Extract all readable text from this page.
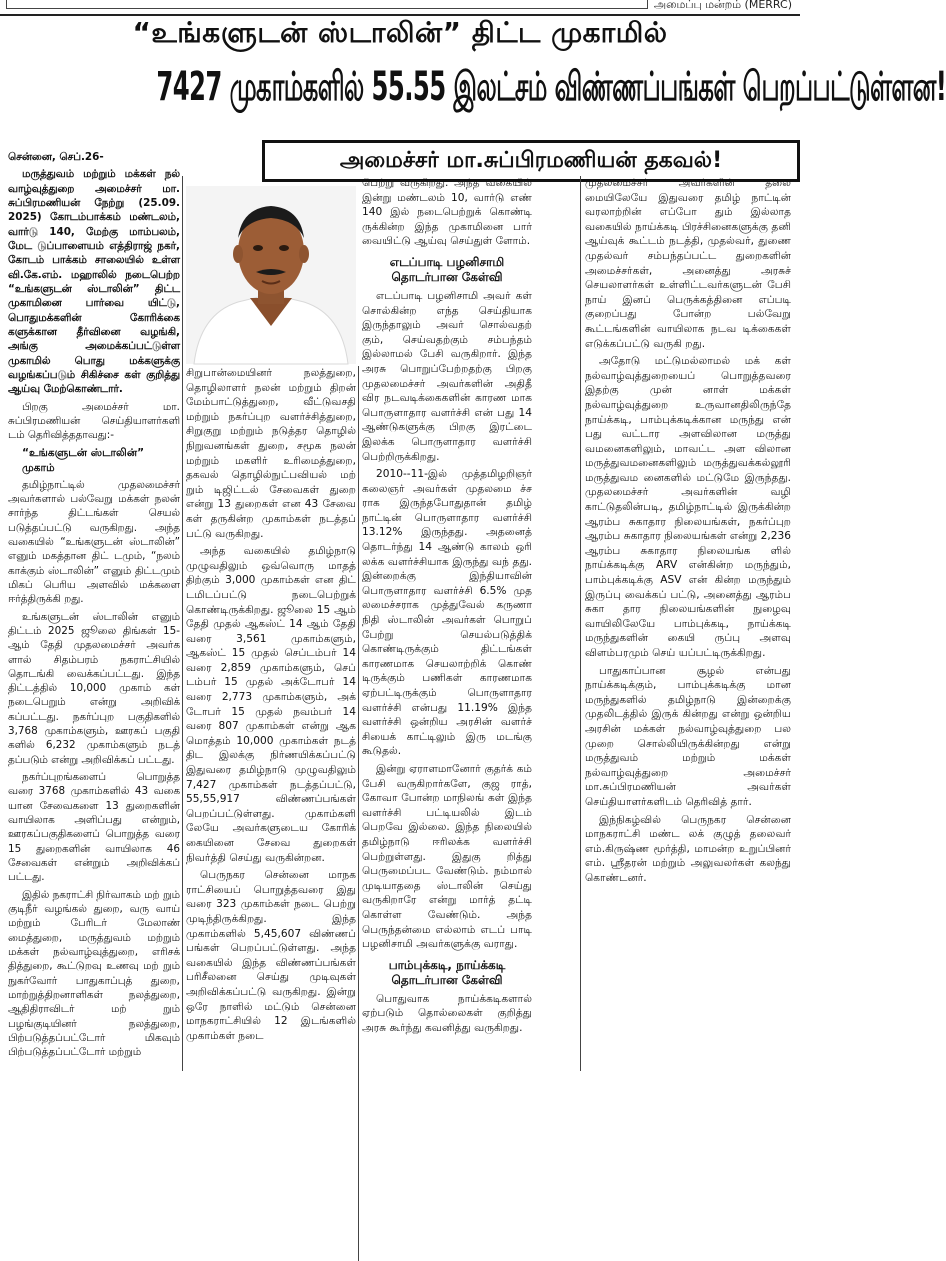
அமைப்பு மன்றம் (MERRC)
“உங்களுடன் ஸ்டாலின்” திட்ட முகாமில்
7427 முகாம்களில் 55.55 இலட்சம் விண்ணப்பங்கள் பெறப்பட்டுள்ளன!
அமைச்சர் மா.சுப்பிரமணியன் தகவல்!

சென்னை, செப்.26-

மருத்துவம் மற்றும் மக்கள் நல் வாழ்வுத்துறை அமைச்சர் மா. சுப்பிரமணியன் நேற்று (25.09. 2025) கோடம்பாக்கம் மண்டலம், வார்டு 140, மேற்கு மாம்பலம், மேட டுப்பாளையம் எத்திராஜ் நகர், கோடம் பாக்கம் சாலையில் உள்ள வி.கே.எம். மஹாலில் நடைபெற்ற “உங்களுடன் ஸ்டாலின்” திட்ட முகாமினை பார்வை யிட்டு, பொதுமக்களின் கோரிக்கை களுக்கான தீர்வினை வழங்கி, அங்கு அமைக்கப்பட்டுள்ள முகாமில் பொது மக்களுக்கு வழங்கப்படும் சிகிச்சை கள் குறித்து ஆய்வு மேற்கொண்டார்.

பிறகு அமைச்சர் மா. சுப்பிரமணியன் செய்தியாளர்களி டம் தெரிவித்ததாவது:-

“உங்களுடன் ஸ்டாலின்” முகாம்

தமிழ்நாட்டில் முதலமைச்சர் அவர்களால் பல்வேறு மக்கள் நலன் சார்ந்த திட்டங்கள் செயல் படுத்தப்பட்டு வருகிறது. அந்த வகையில் “உங்களுடன் ஸ்டாலின்” எனும் மகத்தான திட் டமும், “நலம் காக்கும் ஸ்டாலின்” எனும் திட்டமும் மிகப் பெரிய அளவில் மக்களை ஈர்த்திருக்கி றது.

உங்களுடன் ஸ்டாலின் எனும் திட்டம் 2025 ஜூலை திங்கள் 15- ஆம் தேதி முதலமைச்சர் அவர்க ளால் சிதம்பரம் நகராட்சியில் தொடங்கி வைக்கப்பட்டது. இந்த திட்டத்தில் 10,000 முகாம் கள் நடைபெறும் என்று அறிவிக் கப்பட்டது. நகர்ப்புற பகுதிகளில் 3,768 முகாம்களும், ஊரகப் பகுதி களில் 6,232 முகாம்களும் நடத் தப்படும் என்று அறிவிக்கப் பட்டது.

நகர்ப்புறங்களைப் பொறுத்த வரை 3768 முகாம்களில் 43 வகை யான சேவைகளை 13 துறைகளின் வாயிலாக அளிப்பது என்றும், ஊரகப்பகுதிகளைப் பொறுத்த வரை 15 துறைகளின் வாயிலாக 46 சேவைகள் என்றும் அறிவிக்கப் பட்டது.

இதில் நகராட்சி நிர்வாகம் மற் றும் குடிநீர் வழங்கல் துறை, வரு வாய் மற்றும் பேரிடர் மேலாண் மைத்துறை, மருத்துவம் மற்றும் மக்கள் நல்வாழ்வுத்துறை, எரிசக் தித்துறை, கூட்டுறவு உணவு மற் றும் நுகர்வோர் பாதுகாப்புத் துறை, மாற்றுத்திறனாளிகள் நலத்துறை, ஆதிதிராவிடர் மற் றும் பழங்குடியினர் நலத்துறை, பிற்படுத்தப்பட்டோர் மிகவும் பிற்படுத்தப்பட்டோர் மற்றும்

சிறுபான்மையினர் நலத்துறை, தொழிலாளர் நலன் மற்றும் திறன் மேம்பாட்டுத்துறை, வீட்டுவசதி மற்றும் நகர்ப்புற வளர்ச்சித்துறை, சிறுகுறு மற்றும் நடுத்தர தொழில் நிறுவனங்கள் துறை, சமூக நலன் மற்றும் மகளிர் உரிமைத்துறை, தகவல் தொழில்நுட்பவியல் மற் றும் டிஜிட்டல் சேவைகள் துறை என்று 13 துறைகள் என 43 சேவை கள் தருகின்ற முகாம்கள் நடத்தப் பட்டு வருகிறது.

அந்த வகையில் தமிழ்நாடு முழுவதிலும் ஒவ்வொரு மாதத் திற்கும் 3,000 முகாம்கள் என திட் டமிடப்பட்டு நடைபெற்றுக் கொண்டிருக்கிறது. ஜூலை 15 ஆம் தேதி முதல் ஆகஸ்ட் 14 ஆம் தேதி வரை 3,561 முகாம்களும், ஆகஸ்ட் 15 முதல் செப்டம்பர் 14 வரை 2,859 முகாம்களும், செப் டம்பர் 15 முதல் அக்டோபர் 14 வரை 2,773 முகாம்களும், அக் டோபர் 15 முதல் நவம்பர் 14 வரை 807 முகாம்கள் என்று ஆக மொத்தம் 10,000 முகாம்கள் நடத் திட இலக்கு நிர்ணயிக்கப்பட்டு இதுவரை தமிழ்நாடு முழுவதிலும் 7,427 முகாம்கள் நடத்தப்பட்டு, 55,55,917 விண்ணப்பங்கள் பெறப்பட்டுள்ளது. முகாம்களி லேயே அவர்களுடைய கோரிக் கையினை சேவை துறைகள் நிவர்த்தி செய்து வருகின்றன.

பெருநகர சென்னை மாநக ராட்சியைப் பொறுத்தவரை இது வரை 323 முகாம்கள் நடை பெற்று முடிந்திருக்கிறது. இந்த முகாம்களில் 5,45,607 விண்ணப் பங்கள் பெறப்பட்டுள்ளது. அந்த வகையில் இந்த விண்ணப்பங்கள் பரிசீலனை செய்து முடிவுகள் அறிவிக்கப்பட்டு வருகிறது. இன்று ஒரே நாளில் மட்டும் சென்னை மாநகராட்சியில் 12 இடங்களில் முகாம்கள் நடை

பெற்று வருகிறது. அந்த வகையில் இன்று மண்டலம் 10, வார்டு எண் 140 இல் நடைபெற்றுக் கொண்டி ருக்கின்ற இந்த முகாமினை பார் வையிட்டு ஆய்வு செய்துள் ளோம்.

எடப்பாடி பழனிசாமி தொடர்பான கேள்வி

எடப்பாடி பழனிசாமி அவர் கள் சொல்கின்ற எந்த செய்தியாக இருந்தாலும் அவர் சொல்வதற் கும், செய்வதற்கும் சம்பந்தம் இல்லாமல் பேசி வருகிறார். இந்த அரசு பொறுப்பேற்றதற்கு பிறகு முதலமைச்சர் அவர்களின் அதிதீ விர நடவடிக்கைகளின் காரண மாக பொருளாதார வளர்ச்சி என் பது 14 ஆண்டுகளுக்கு பிறகு இரட்டை இலக்க பொருளாதார வளர்ச்சி பெற்றிருக்கிறது.

2010--11-இல் முத்தமிழறிஞர் கலைஞர் அவர்கள் முதலமை ச்ச ராக இருந்தபோதுதான் தமிழ் நாட்டின் பொருளாதார வளர்ச்சி 13.12% இருந்தது. அதனைத் தொடர்ந்து 14 ஆண்டு காலம் ஒரி லக்க வளர்ச்சியாக இருந்து வந் தது. இன்றைக்கு இந்தியாவின் பொருளாதார வளர்ச்சி 6.5% முத லமைச்சராக முத்துவேல் கருணா நிதி ஸ்டாலின் அவர்கள் பொறுப் பேற்று செயல்படுத்திக் கொண்டிருக்கும் திட்டங்கள் காரணமாக செயலாற்றிக் கொண் டிருக்கும் பணிகள் காரணமாக ஏற்பட்டிருக்கும் பொருளாதார வளர்ச்சி என்பது 11.19% இந்த வளர்ச்சி ஒன்றிய அரசின் வளர்ச் சியைக் காட்டிலும் இரு மடங்கு கூடுதல்.

இன்று ஏராளமானோர் குதர்க் கம் பேசி வருகிறார்களே, குஜ ராத், கோவா போன்ற மாநிலங் கள் இந்த வளர்ச்சி பட்டியலில் இடம் பெறவே இல்லை. இந்த நிலையில் தமிழ்நாடு ஈரிலக்க வளர்ச்சி பெற்றுள்ளது. இதுகு றித்து பெருமைப்பட வேண்டும். நம்மால் முடியாததை ஸ்டாலின் செய்து வருகிறாரே என்று மார்த் தட்டி கொள்ள வேண்டும். அந்த பெருந்தன்மை எல்லாம் எடப் பாடி பழனிசாமி அவர்களுக்கு வராது.

பாம்புக்கடி, நாய்க்கடி தொடர்பான கேள்வி

பொதுவாக நாய்க்கடிகளால் ஏற்படும் தொல்லைகள் குறித்து அரசு கூர்ந்து கவனித்து வருகிறது.

முதலமைச்சர் அவர்களின் தலை மையிலேயே இதுவரை தமிழ் நாட்டின் வரலாற்றின் எப்போ தும் இல்லாத வகையில் நாய்க்கடி பிரச்சினைகளுக்கு தனி ஆய்வுக் கூட்டம் நடத்தி, முதல்வர், துணை முதல்வர் சம்பந்தப்பட்ட துறைகளின் அமைச்சர்கள், அனைத்து அரசுச் செயலாளர்கள் உள்ளிட்டவர்களுடன் பேசி நாய் இனப் பெருக்கத்தினை எப்படி குறைப்பது போன்ற பல்வேறு கூட்டங்களின் வாயிலாக நடவ டிக்கைகள் எடுக்கப்பட்டு வருகி றது.

அதோடு மட்டுமல்லாமல் மக் கள் நல்வாழ்வுத்துறையைப் பொறுத்தவரை இதற்கு முன் னாள் மக்கள் நல்வாழ்வுத்துறை உருவானதிலிருந்தே நாய்க்கடி, பாம்புக்கடிக்கான மருந்து என் பது வட்டார அளவிலான மருத்து வமனைகளிலும், மாவட்ட அள விலான மருத்துவமனைகளிலும் மருத்துவக்கல்லூரி மருத்துவம னைகளில் மட்டுமே இருந்தது. முதலமைச்சர் அவர்களின் வழி காட்டுதலின்படி, தமிழ்நாட்டில் இருக்கின்ற ஆரம்ப சுகாதார நிலையங்கள், நகர்ப்புற ஆரம்ப சுகாதார நிலையங்கள் என்று 2,236 ஆரம்ப சுகாதார நிலையங்க ளில் நாய்க்கடிக்கு ARV என்கின்ற மருந்தும், பாம்புக்கடிக்கு ASV என் கின்ற மருந்தும் இருப்பு வைக்கப் பட்டு, அனைத்து ஆரம்ப சுகா தார நிலையங்களின் நுழைவு வாயிலிலேயே பாம்புக்கடி, நாய்க்கடி மருந்துகளின் கையி ருப்பு அளவு விளம்பரமும் செய் யப்பட்டிருக்கிறது.

பாதுகாப்பான சூழல் என்பது நாய்க்கடிக்கும், பாம்புக்கடிக்கு மான மருந்துகளில் தமிழ்நாடு இன்றைக்கு முதலிடத்தில் இருக் கின்றது என்று ஒன்றிய அரசின் மக்கள் நல்வாழ்வுத்துறை பல முறை சொல்லியிருக்கின்றது என்று மருத்துவம் மற்றும் மக்கள் நல்வாழ்வுத்துறை அமைச்சர் மா.சுப்பிரமணியன் அவர்கள் செய்தியாளர்களிடம் தெரிவித் தார்.

இந்நிகழ்வில் பெருநகர சென்னை மாநகராட்சி மண்ட லக் குழுத் தலைவர் எம்.கிருஷ்ண மூர்த்தி, மாமன்ற உறுப்பினர் எம். ஸ்ரீதரன் மற்றும் அலுவலர்கள் கலந்து கொண்டனர்.
